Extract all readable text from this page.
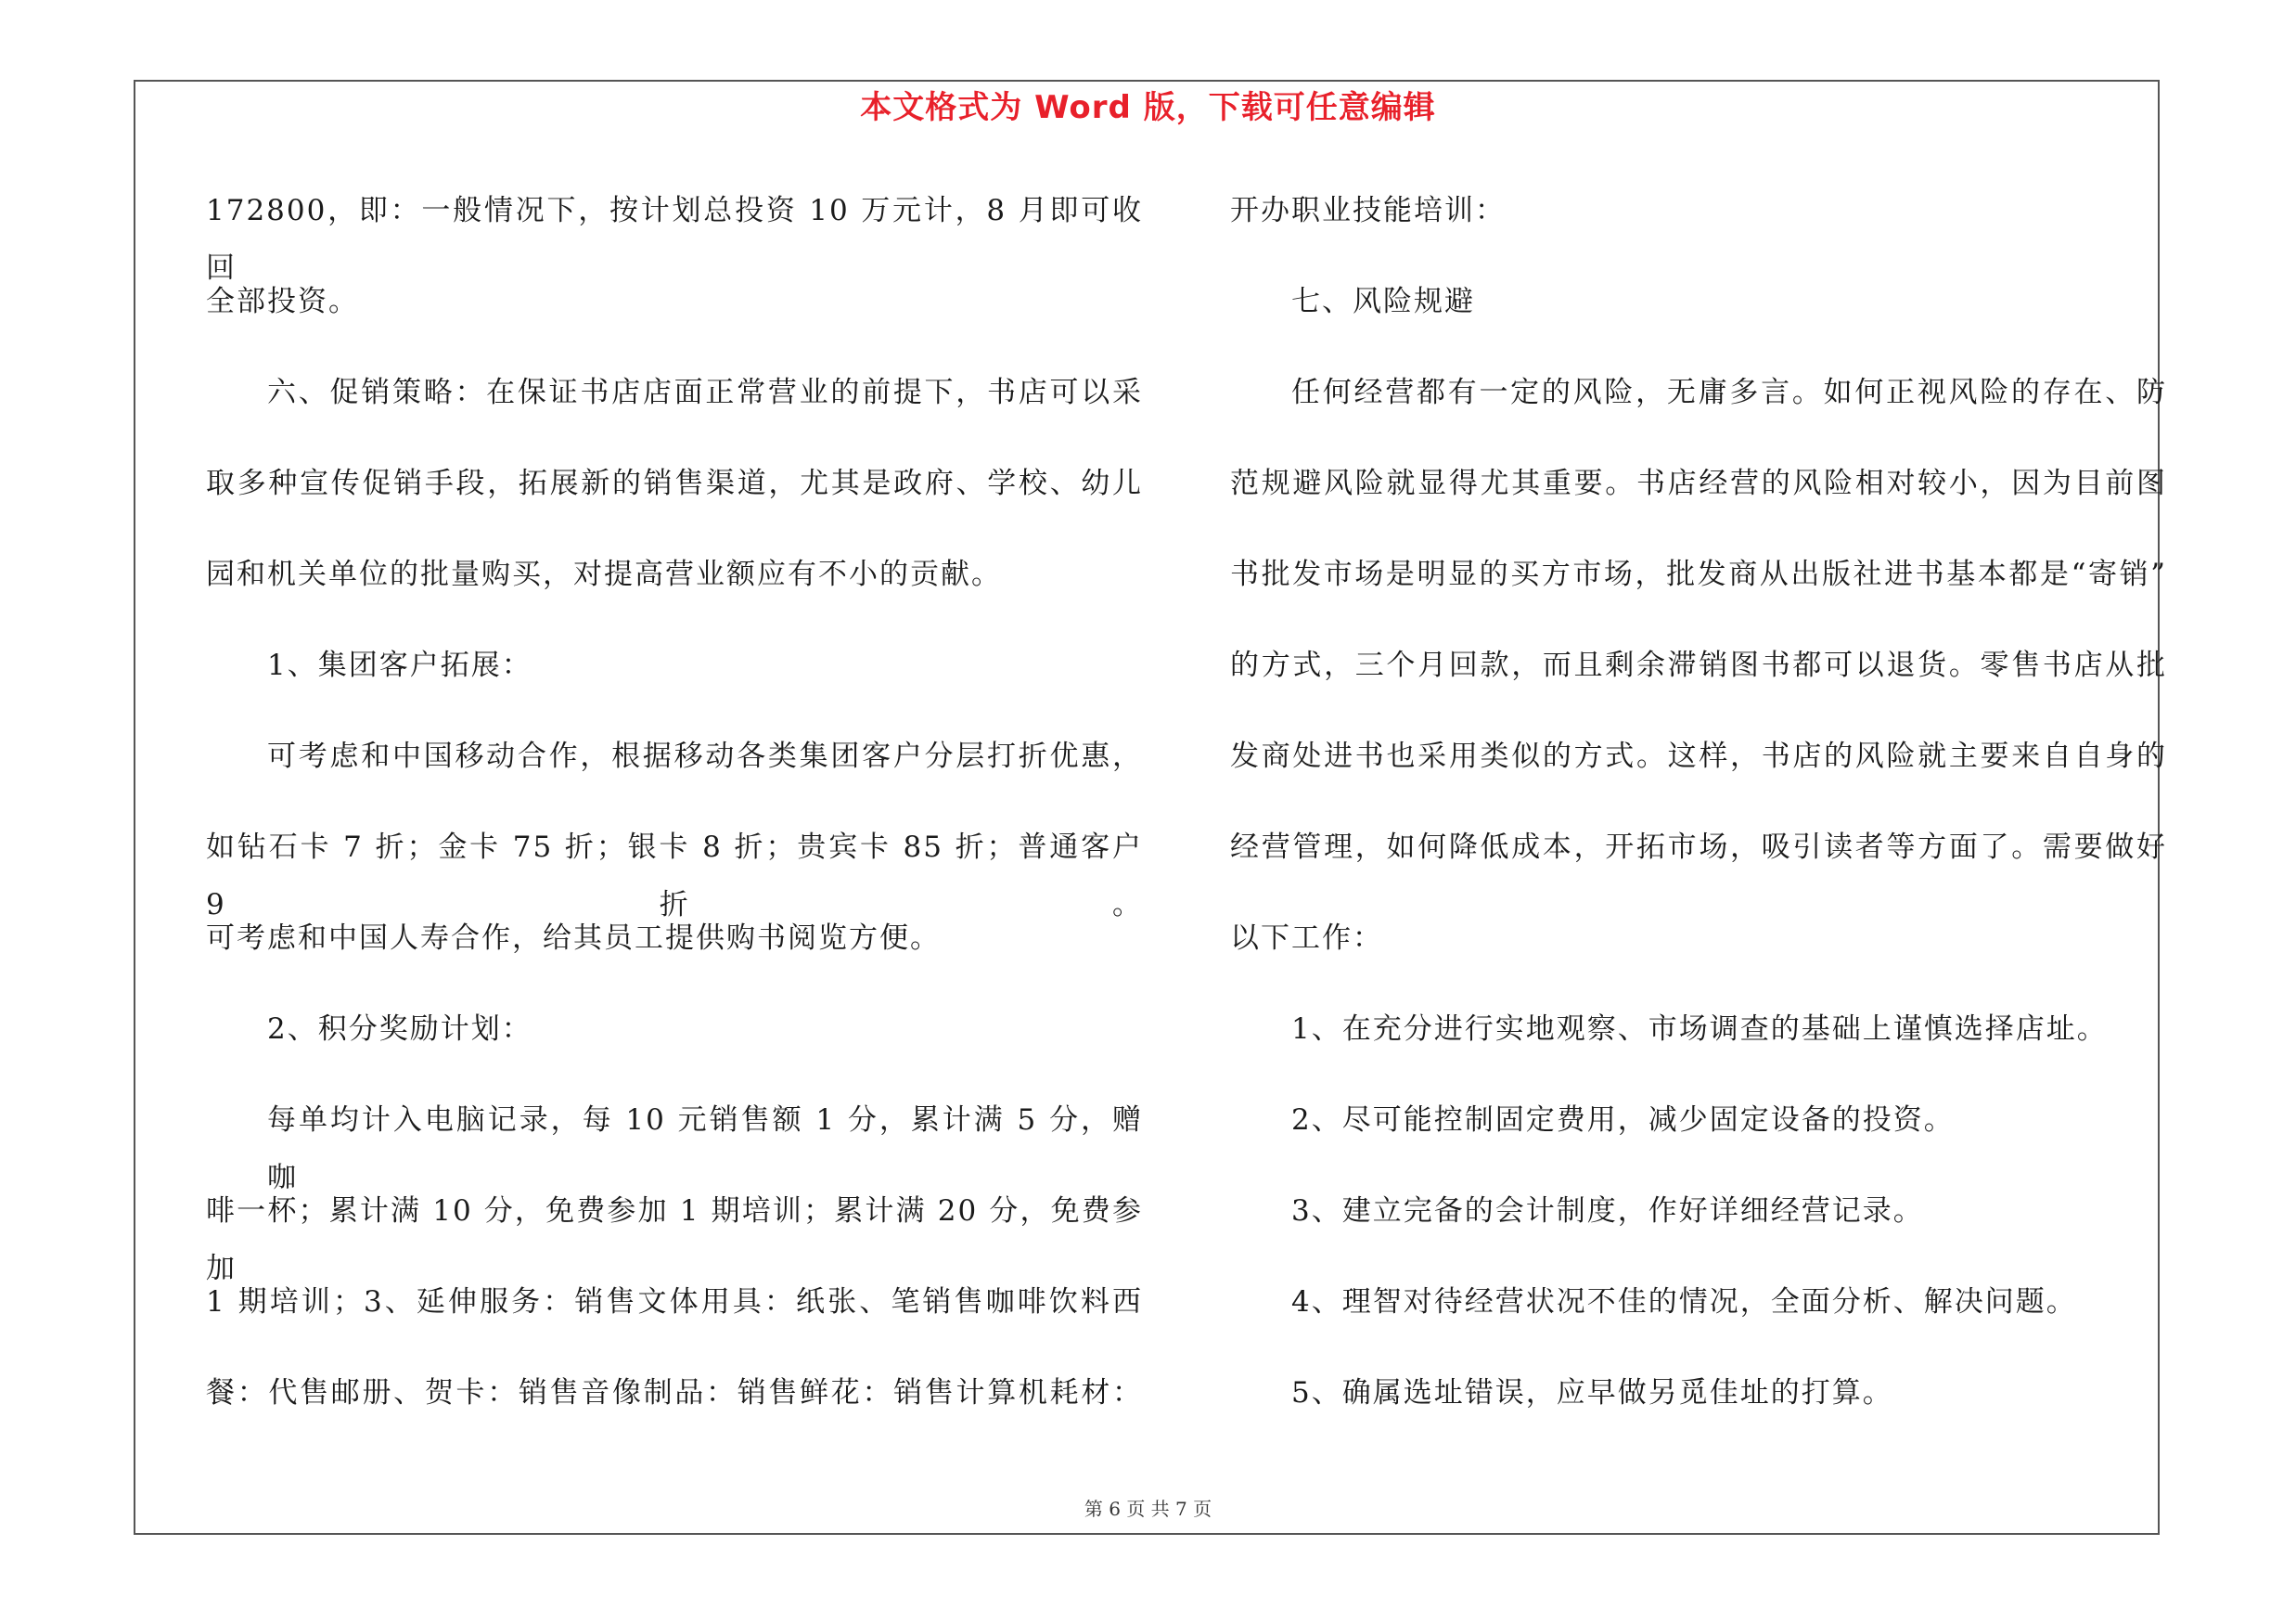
本文格式为 Word 版，下载可任意编辑
172800，即：一般情况下，按计划总投资 10 万元计，8 月即可收回
全部投资。
六、促销策略：在保证书店店面正常营业的前提下，书店可以采
取多种宣传促销手段，拓展新的销售渠道，尤其是政府、学校、幼儿
园和机关单位的批量购买，对提高营业额应有不小的贡献。
1、集团客户拓展：
可考虑和中国移动合作，根据移动各类集团客户分层打折优惠，
如钻石卡 7 折；金卡 75 折；银卡 8 折；贵宾卡 85 折；普通客户 9 折。
可考虑和中国人寿合作，给其员工提供购书阅览方便。
2、积分奖励计划：
每单均计入电脑记录，每 10 元销售额 1 分，累计满 5 分，赠咖
啡一杯；累计满 10 分，免费参加 1 期培训；累计满 20 分，免费参加
1 期培训；3、延伸服务：销售文体用具：纸张、笔销售咖啡饮料西
餐：代售邮册、贺卡：销售音像制品：销售鲜花：销售计算机耗材：
开办职业技能培训：
七、风险规避
任何经营都有一定的风险，无庸多言。如何正视风险的存在、防
范规避风险就显得尤其重要。书店经营的风险相对较小，因为目前图
书批发市场是明显的买方市场，批发商从出版社进书基本都是“寄销”
的方式，三个月回款，而且剩余滞销图书都可以退货。零售书店从批
发商处进书也采用类似的方式。这样，书店的风险就主要来自自身的
经营管理，如何降低成本，开拓市场，吸引读者等方面了。需要做好
以下工作：
1、在充分进行实地观察、市场调查的基础上谨慎选择店址。
2、尽可能控制固定费用，减少固定设备的投资。
3、建立完备的会计制度，作好详细经营记录。
4、理智对待经营状况不佳的情况，全面分析、解决问题。
5、确属选址错误，应早做另觅佳址的打算。
第 6 页 共 7 页
